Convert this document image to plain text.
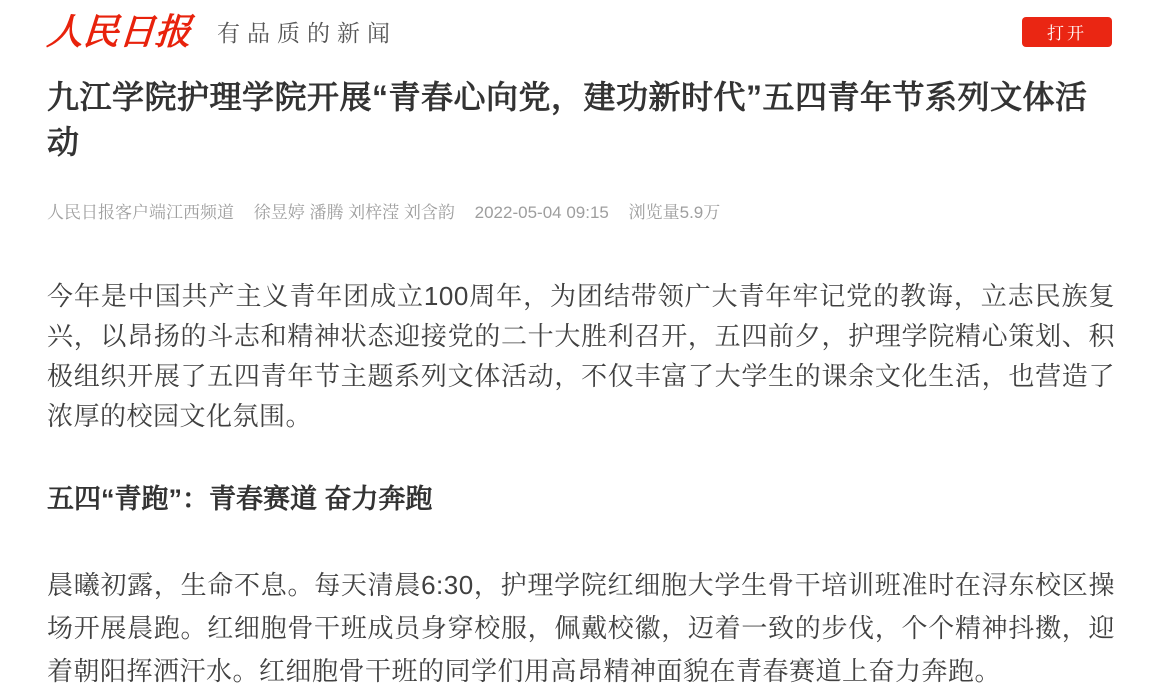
人民日报 有品质的新闻	打开
九江学院护理学院开展“青春心向党，建功新时代”五四青年节系列文体活动
人民日报客户端江西频道 徐昱婷 潘腾 刘梓滢 刘含韵 2022-05-04 09:15 浏览量5.9万

今年是中国共产主义青年团成立100周年，为团结带领广大青年牢记党的教诲，立志民族复兴，以昂扬的斗志和精神状态迎接党的二十大胜利召开，五四前夕，护理学院精心策划、积极组织开展了五四青年节主题系列文体活动，不仅丰富了大学生的课余文化生活，也营造了浓厚的校园文化氛围。

五四“青跑”：青春赛道 奋力奔跑

晨曦初露，生命不息。每天清晨6:30，护理学院红细胞大学生骨干培训班准时在浔东校区操场开展晨跑。红细胞骨干班成员身穿校服，佩戴校徽，迈着一致的步伐，个个精神抖擞，迎着朝阳挥洒汗水。红细胞骨干班的同学们用高昂精神面貌在青春赛道上奋力奔跑。
